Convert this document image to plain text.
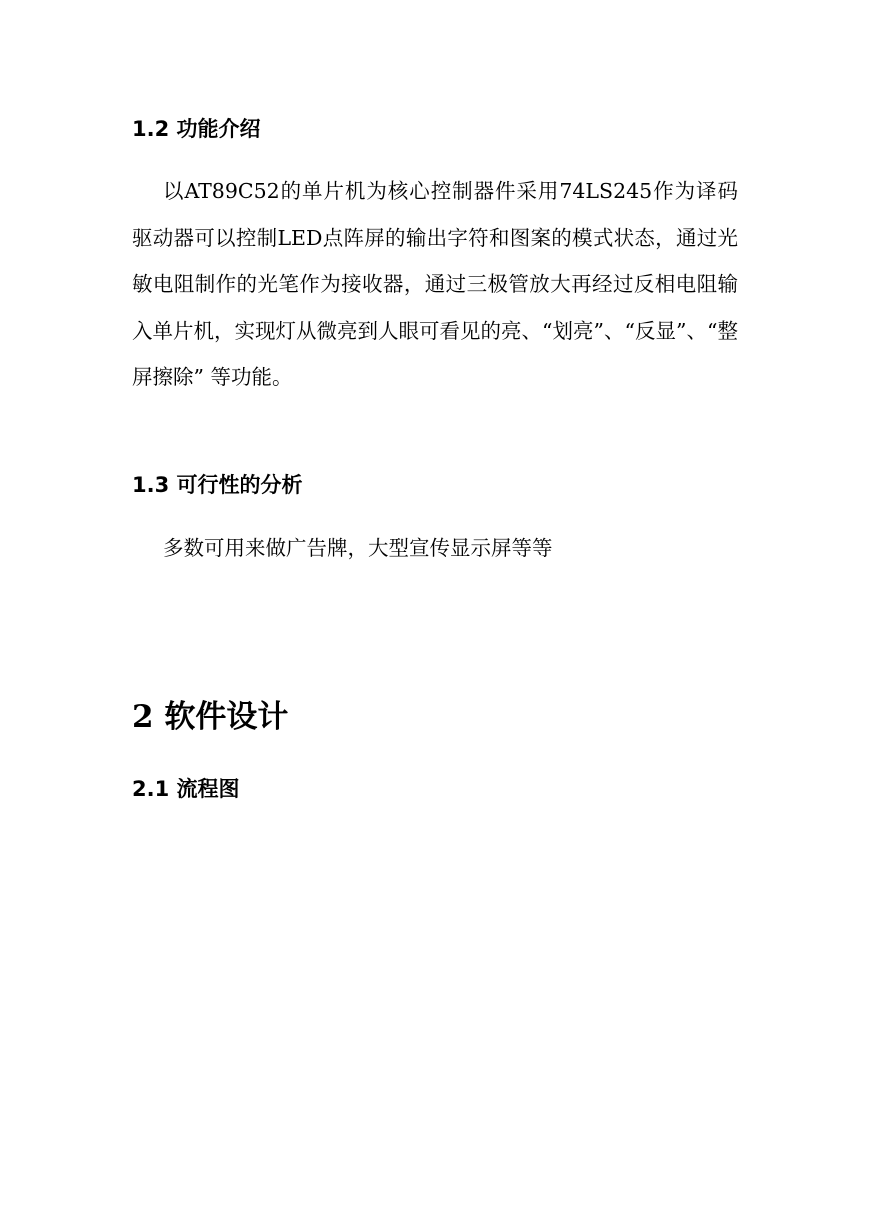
1.2 功能介绍
以AT89C52的单片机为核心控制器件采用74LS245作为译码驱动器可以控制LED点阵屏的输出字符和图案的模式状态，通过光敏电阻制作的光笔作为接收器，通过三极管放大再经过反相电阻输入单片机，实现灯从微亮到人眼可看见的亮、“划亮”、“反显”、“整屏擦除” 等功能。
1.3 可行性的分析
多数可用来做广告牌，大型宣传显示屏等等
2 软件设计
2.1 流程图
